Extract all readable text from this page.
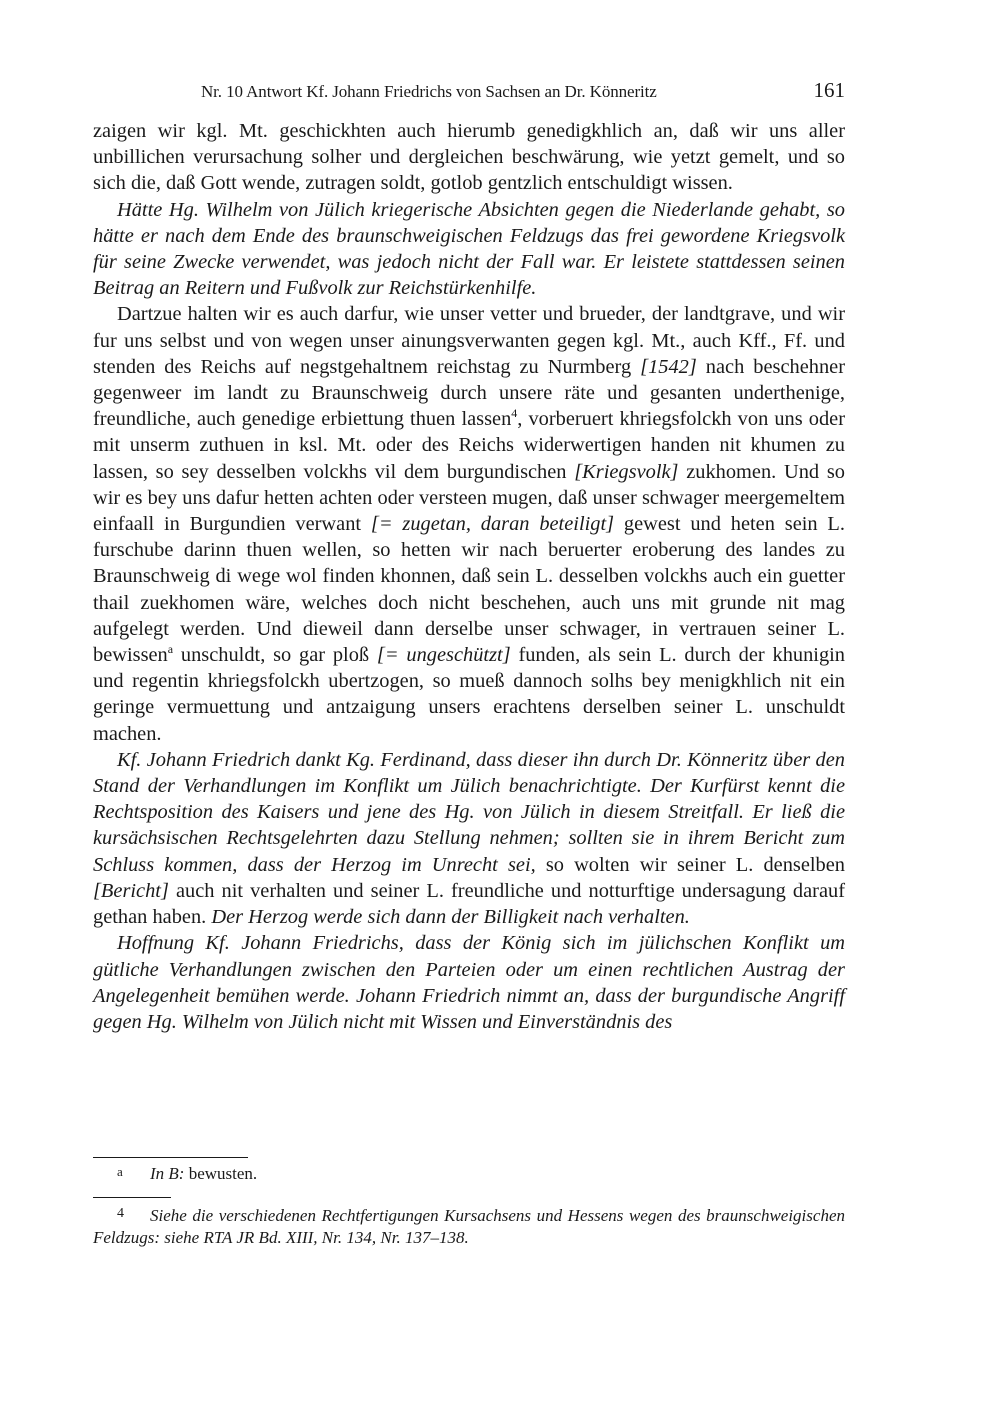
Nr. 10 Antwort Kf. Johann Friedrichs von Sachsen an Dr. Könneritz	161

zaigen wir kgl. Mt. geschickhten auch hierumb genedigkhlich an, daß wir uns aller unbillichen verursachung solher und dergleichen beschwärung, wie yetzt gemelt, und so sich die, daß Gott wende, zutragen soldt, gotlob gentzlich entschuldigt wissen.

Hätte Hg. Wilhelm von Jülich kriegerische Absichten gegen die Niederlande gehabt, so hätte er nach dem Ende des braunschweigischen Feldzugs das frei gewordene Kriegsvolk für seine Zwecke verwendet, was jedoch nicht der Fall war. Er leistete stattdessen seinen Beitrag an Reitern und Fußvolk zur Reichstürkenhilfe.

Dartzue halten wir es auch darfur, wie unser vetter und brueder, der landtgrave, und wir fur uns selbst und von wegen unser ainungsverwanten gegen kgl. Mt., auch Kff., Ff. und stenden des Reichs auf negstgehaltnem reichstag zu Nurmberg [1542] nach beschehner gegenweer im landt zu Braunschweig durch unsere räte und gesanten underthenige, freundliche, auch genedige erbiettung thuen lassen$^4$, vorberuert khriegsfolckh von uns oder mit unserm zuthuen in ksl. Mt. oder des Reichs widerwertigen handen nit khumen zu lassen, so sey desselben volckhs vil dem burgundischen [Kriegsvolk] zukhomen. Und so wir es bey uns dafur hetten achten oder versteen mugen, daß unser schwager meergemeltem einfaall in Burgundien verwant [= zugetan, daran beteiligt] gewest und heten sein L. furschube darinn thuen wellen, so hetten wir nach beruerter eroberung des landes zu Braunschweig di wege wol finden khonnen, daß sein L. desselben volckhs auch ein guetter thail zuekhomen wäre, welches doch nicht beschehen, auch uns mit grunde nit mag aufgelegt werden. Und dieweil dann derselbe unser schwager, in vertrauen seiner L. bewissen$^a$ unschuldt, so gar ploß [= ungeschützt] funden, als sein L. durch der khunigin und regentin khriegsfolckh ubertzogen, so mueß dannoch solhs bey menigkhlich nit ein geringe vermuettung und antzaigung unsers erachtens derselben seiner L. unschuldt machen.

Kf. Johann Friedrich dankt Kg. Ferdinand, dass dieser ihn durch Dr. Könneritz über den Stand der Verhandlungen im Konflikt um Jülich benachrichtigte. Der Kurfürst kennt die Rechtsposition des Kaisers und jene des Hg. von Jülich in diesem Streitfall. Er ließ die kursächsischen Rechtsgelehrten dazu Stellung nehmen; sollten sie in ihrem Bericht zum Schluss kommen, dass der Herzog im Unrecht sei, so wolten wir seiner L. denselben [Bericht] auch nit verhalten und seiner L. freundliche und notturftige undersagung darauf gethan haben. Der Herzog werde sich dann der Billigkeit nach verhalten.

Hoffnung Kf. Johann Friedrichs, dass der König sich im jülichschen Konflikt um gütliche Verhandlungen zwischen den Parteien oder um einen rechtlichen Austrag der Angelegenheit bemühen werde. Johann Friedrich nimmt an, dass der burgundische Angriff gegen Hg. Wilhelm von Jülich nicht mit Wissen und Einverständnis des

a In B: bewusten.
4 Siehe die verschiedenen Rechtfertigungen Kursachsens und Hessens wegen des braunschweigischen Feldzugs: siehe RTA JR Bd. XIII, Nr. 134, Nr. 137–138.
